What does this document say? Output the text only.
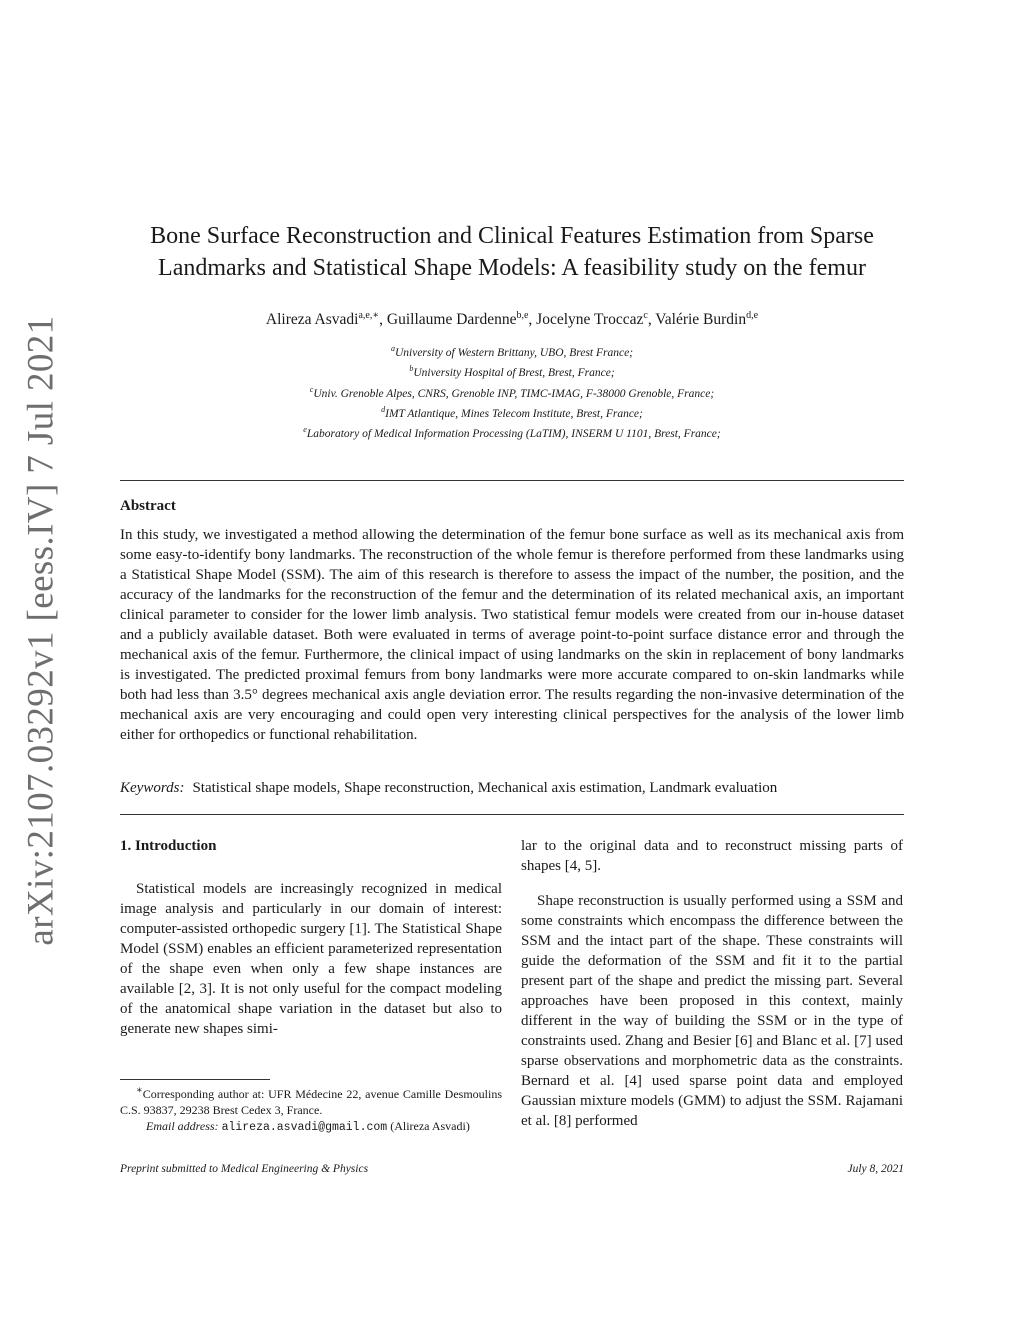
arXiv:2107.03292v1 [eess.IV] 7 Jul 2021
Bone Surface Reconstruction and Clinical Features Estimation from Sparse
Landmarks and Statistical Shape Models: A feasibility study on the femur
Alireza Asvadi$^{a,e,∗}$, Guillaume Dardenne$^{b,e}$, Jocelyne Troccaz$^c$, Valérie Burdin$^{d,e}$
$^a$University of Western Brittany, UBO, Brest France;
$^b$University Hospital of Brest, Brest, France;
$^c$Univ. Grenoble Alpes, CNRS, Grenoble INP, TIMC-IMAG, F-38000 Grenoble, France;
$^d$IMT Atlantique, Mines Telecom Institute, Brest, France;
$^e$Laboratory of Medical Information Processing (LaTIM), INSERM U 1101, Brest, France;
Abstract

In this study, we investigated a method allowing the determination of the femur bone surface as well as its mechanical axis from some easy-to-identify bony landmarks. The reconstruction of the whole femur is therefore performed from these landmarks using a Statistical Shape Model (SSM). The aim of this research is therefore to assess the impact of the number, the position, and the accuracy of the landmarks for the reconstruction of the femur and the determination of its related mechanical axis, an important clinical parameter to consider for the lower limb analysis. Two statistical femur models were created from our in-house dataset and a publicly available dataset. Both were evaluated in terms of average point-to-point surface distance error and through the mechanical axis of the femur. Furthermore, the clinical impact of using landmarks on the skin in replacement of bony landmarks is investigated. The predicted proximal femurs from bony landmarks were more accurate compared to on-skin landmarks while both had less than 3.5° degrees mechanical axis angle deviation error. The results regarding the non-invasive determination of the mechanical axis are very encouraging and could open very interesting clinical perspectives for the analysis of the lower limb either for orthopedics or functional rehabilitation.

Keywords: Statistical shape models, Shape reconstruction, Mechanical axis estimation, Landmark evaluation

1. Introduction

Statistical models are increasingly recognized in medical image analysis and particularly in our domain of interest: computer-assisted orthopedic surgery [1]. The Statistical Shape Model (SSM) enables an efficient parameterized representation of the shape even when only a few shape instances are available [2, 3]. It is not only useful for the compact modeling of the anatomical shape variation in the dataset but also to generate new shapes simi-

lar to the original data and to reconstruct missing parts of shapes [4, 5].

Shape reconstruction is usually performed using a SSM and some constraints which encompass the difference between the SSM and the intact part of the shape. These constraints will guide the deformation of the SSM and fit it to the partial present part of the shape and predict the missing part. Several approaches have been proposed in this context, mainly different in the way of building the SSM or in the type of constraints used. Zhang and Besier [6] and Blanc et al. [7] used sparse observations and morphometric data as the constraints. Bernard et al. [4] used sparse point data and employed Gaussian mixture models (GMM) to adjust the SSM. Rajamani et al. [8] performed

∗Corresponding author at: UFR Médecine 22, avenue Camille Desmoulins C.S. 93837, 29238 Brest Cedex 3, France.

Email address: alireza.asvadi@gmail.com (Alireza Asvadi)

Preprint submitted to Medical Engineering & Physics	July 8, 2021
